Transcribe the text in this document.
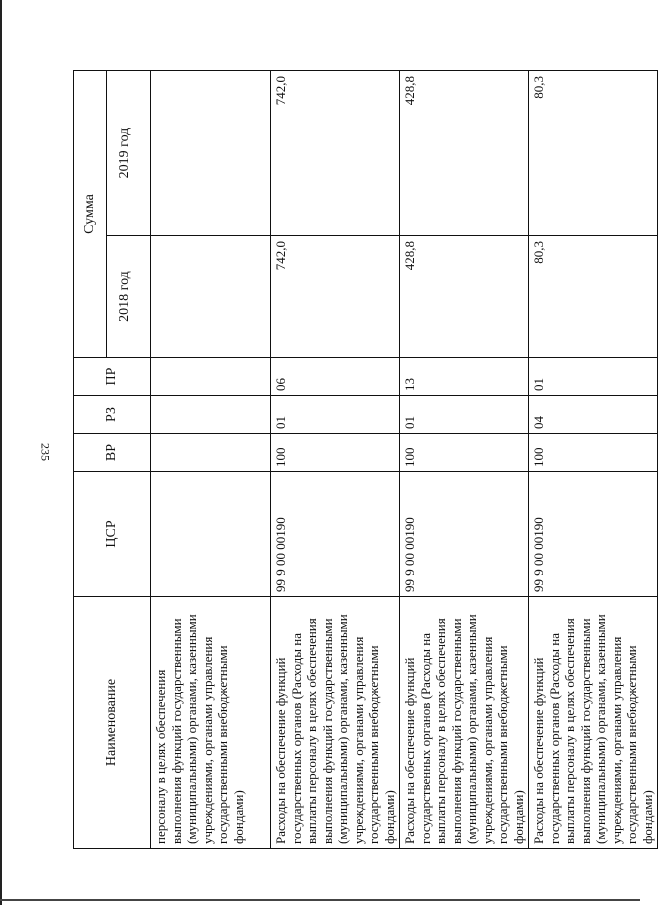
235
Наименование	ЦСР	ВР	РЗ	ПР	Сумма	
					2018 год	2019 год
персоналу в целях обеспечения выполнения функций государственными (муниципальными) органами, казенными учреждениями, органами управления государственными внебюджетными фондами)						
Расходы на обеспечение функций государственных органов (Расходы на выплаты персоналу в целях обеспечения выполнения функций государственными (муниципальными) органами, казенными учреждениями, органами управления государственными внебюджетными фондами)	99 9 00 00190	100	01	06	742,0	742,0
Расходы на обеспечение функций государственных органов (Расходы на выплаты персоналу в целях обеспечения выполнения функций государственными (муниципальными) органами, казенными учреждениями, органами управления государственными внебюджетными фондами)	99 9 00 00190	100	01	13	428,8	428,8
Расходы на обеспечение функций государственных органов (Расходы на выплаты персоналу в целях обеспечения выполнения функций государственными (муниципальными) органами, казенными учреждениями, органами управления государственными внебюджетными фондами)	99 9 00 00190	100	04	01	80,3	80,3
